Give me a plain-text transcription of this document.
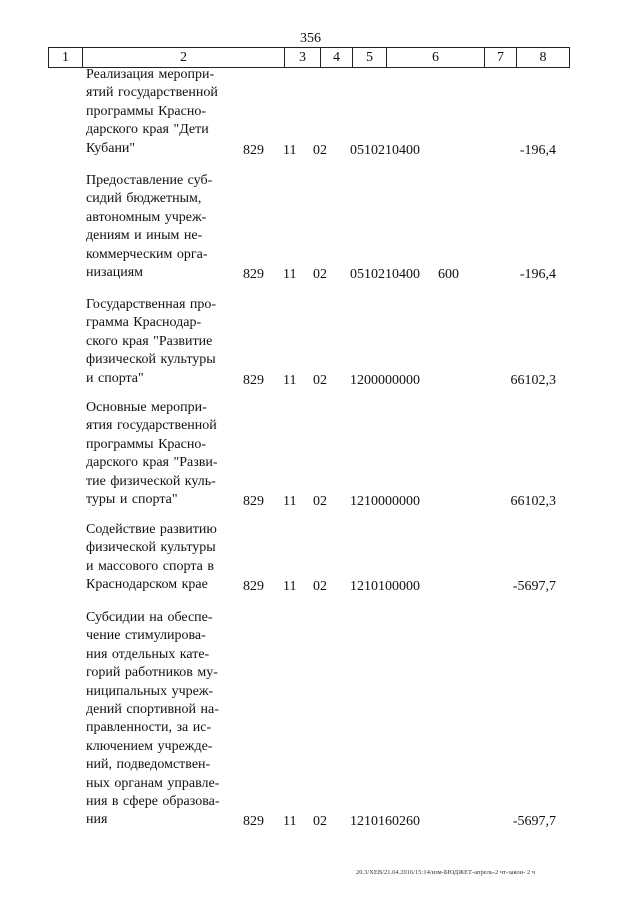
356
1	2	3	4	5	6	7	8
Реализация меропри-
ятий государственной
программы Красно-
дарского края "Дети
Кубани"	829 11 02 0510210400	-196,4
Предоставление суб-
сидий бюджетным,
автономным учреж-
дениям и иным не-
коммерческим орга-
низациям	829 11 02 0510210400 600	-196,4
Государственная про-
грамма Краснодар-
ского края "Развитие
физической культуры
и спорта"	829 11 02 1200000000	66102,3
Основные меропри-
ятия государственной
программы Красно-
дарского края "Разви-
тие физической куль-
туры и спорта"	829 11 02 1210000000	66102,3
Содействие развитию
физической культуры
и массового спорта в
Краснодарском крае	829 11 02 1210100000	-5697,7
Субсидии на обеспе-
чение стимулирова-
ния отдельных кате-
горий работников му-
ниципальных учреж-
дений спортивной на-
правленности, за ис-
ключением учрежде-
ний, подведомствен-
ных органам управле-
ния в сфере образова-
ния	829 11 02 1210160260	-5697,7
20.3/ХЕВ/21.04.2016/15:14/изм-БЮДЖЕТ-апрель-2 чт-закон- 2 ч
